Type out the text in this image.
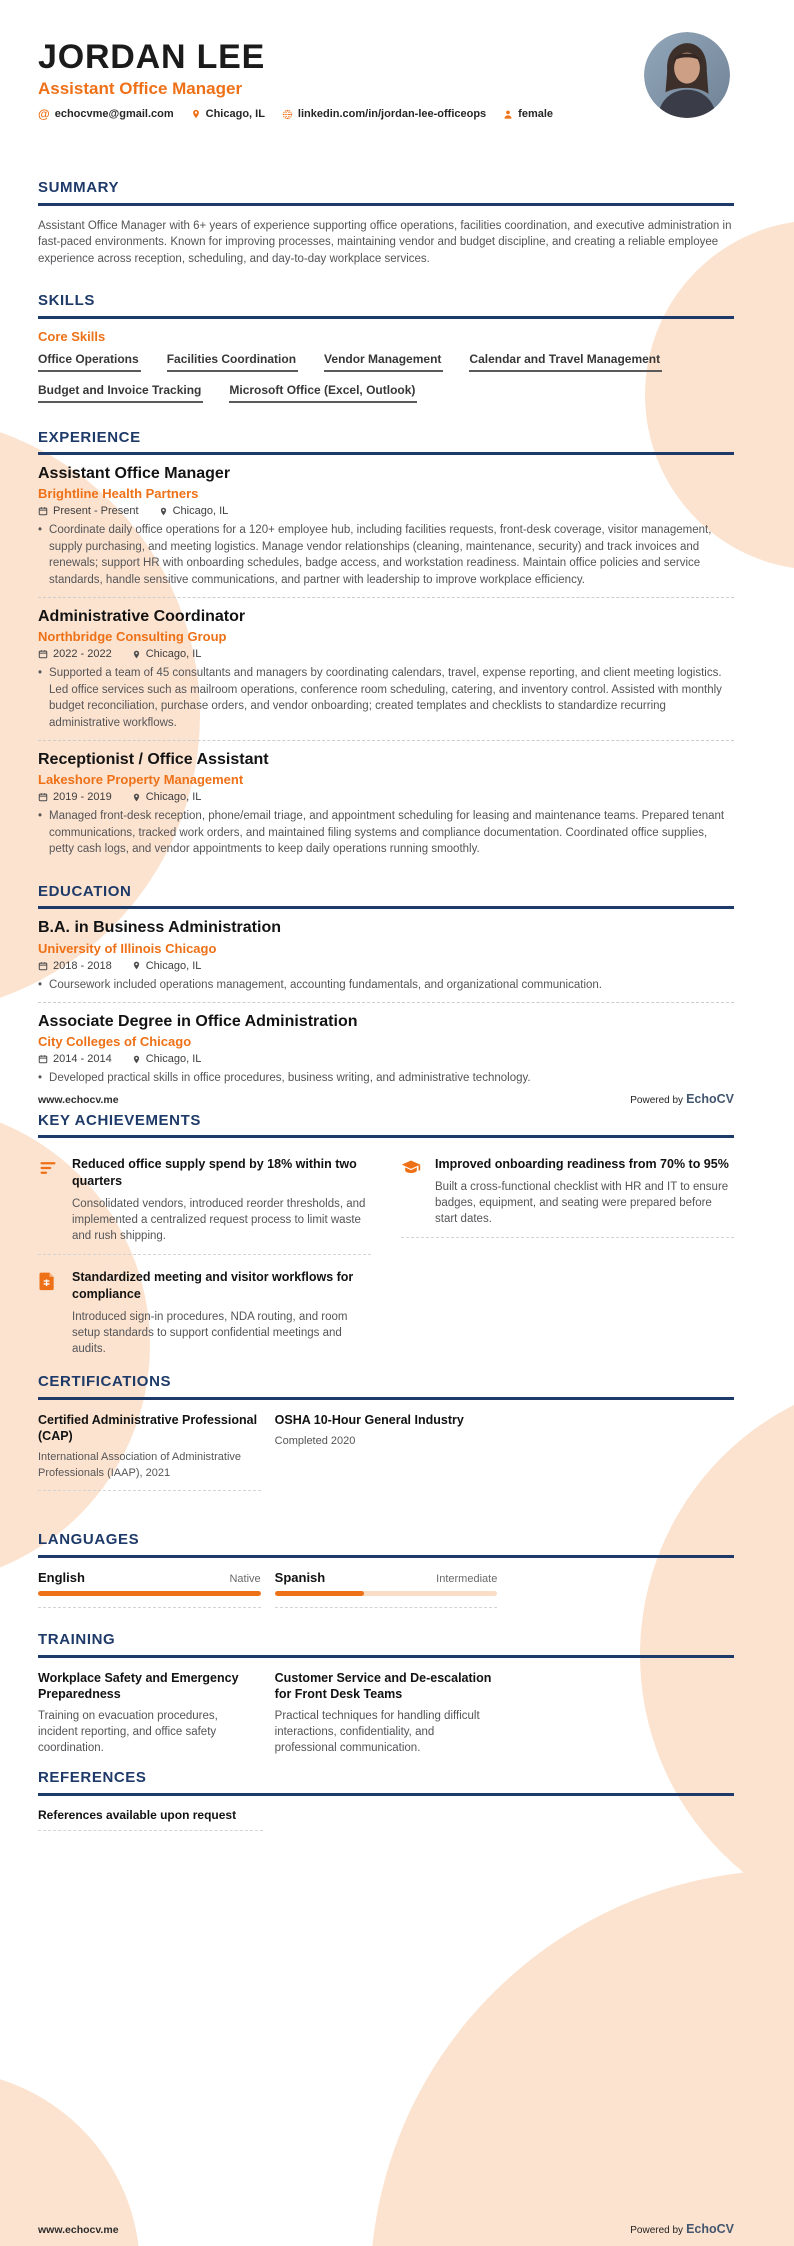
JORDAN LEE
Assistant Office Manager
@ echocvme@gmail.com	Chicago, IL	linkedin.com/in/jordan-lee-officeops	female
SUMMARY
Assistant Office Manager with 6+ years of experience supporting office operations, facilities coordination, and executive administration in fast-paced environments. Known for improving processes, maintaining vendor and budget discipline, and creating a reliable employee experience across reception, scheduling, and day-to-day workplace services.
SKILLS
Core Skills
Office Operations Facilities Coordination Vendor Management Calendar and Travel Management
Budget and Invoice Tracking Microsoft Office (Excel, Outlook)
EXPERIENCE
Assistant Office Manager
Brightline Health Partners
Present - Present	Chicago, IL
• Coordinate daily office operations for a 120+ employee hub, including facilities requests, front-desk coverage, visitor management, supply purchasing, and meeting logistics. Manage vendor relationships (cleaning, maintenance, security) and track invoices and renewals; support HR with onboarding schedules, badge access, and workstation readiness. Maintain office policies and service standards, handle sensitive communications, and partner with leadership to improve workplace efficiency.
Administrative Coordinator
Northbridge Consulting Group
2022 - 2022	Chicago, IL
• Supported a team of 45 consultants and managers by coordinating calendars, travel, expense reporting, and client meeting logistics. Led office services such as mailroom operations, conference room scheduling, catering, and inventory control. Assisted with monthly budget reconciliation, purchase orders, and vendor onboarding; created templates and checklists to standardize recurring administrative workflows.
Receptionist / Office Assistant
Lakeshore Property Management
2019 - 2019	Chicago, IL
• Managed front-desk reception, phone/email triage, and appointment scheduling for leasing and maintenance teams. Prepared tenant communications, tracked work orders, and maintained filing systems and compliance documentation. Coordinated office supplies, petty cash logs, and vendor appointments to keep daily operations running smoothly.
EDUCATION
B.A. in Business Administration
University of Illinois Chicago
2018 - 2018	Chicago, IL
• Coursework included operations management, accounting fundamentals, and organizational communication.
Associate Degree in Office Administration
City Colleges of Chicago
2014 - 2014	Chicago, IL
• Developed practical skills in office procedures, business writing, and administrative technology.
KEY ACHIEVEMENTS
www.echocv.me	Powered by EchoCV
Reduced office supply spend by 18% within two quarters
Consolidated vendors, introduced reorder thresholds, and implemented a centralized request process to limit waste and rush shipping.
Improved onboarding readiness from 70% to 95%
Built a cross-functional checklist with HR and IT to ensure badges, equipment, and seating were prepared before start dates.
Standardized meeting and visitor workflows for compliance
Introduced sign-in procedures, NDA routing, and room setup standards to support confidential meetings and audits.
CERTIFICATIONS
Certified Administrative Professional (CAP)
International Association of Administrative Professionals (IAAP), 2021
OSHA 10-Hour General Industry
Completed 2020
LANGUAGES
English	Native Spanish	Intermediate
TRAINING
Workplace Safety and Emergency Preparedness
Training on evacuation procedures, incident reporting, and office safety coordination.
Customer Service and De-escalation for Front Desk Teams
Practical techniques for handling difficult interactions, confidentiality, and professional communication.
REFERENCES
References available upon request
www.echocv.me	Powered by EchoCV
